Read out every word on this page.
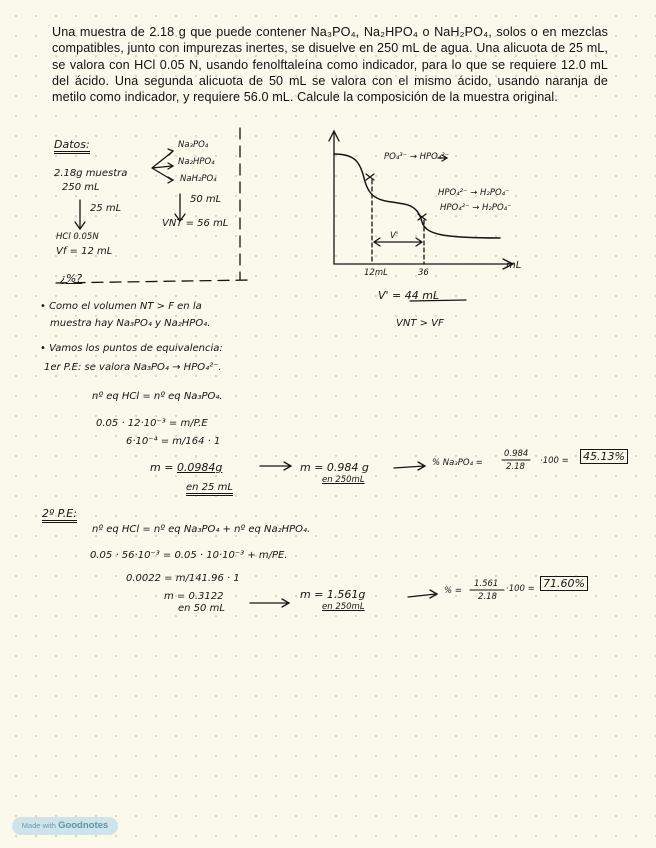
Una muestra de 2.18 g que puede contener Na₃PO₄, Na₂HPO₄ o NaH₂PO₄, solos o en mezclas compatibles, junto con impurezas inertes, se disuelve en 250 mL de agua. Una alicuota de 25 mL, se valora con HCl 0.05 N, usando fenolftaleína como indicador, para lo que se requiere 12.0 mL del ácido. Una segunda alicuota de 50 mL se valora con el mismo ácido, usando naranja de metilo como indicador, y requiere 56.0 mL. Calcule la composición de la muestra original.

Datos:
2.18g muestra
250 mL
Na₃PO₄
Na₂HPO₄
NaH₂PO₄
25 mL
50 mL
HCl 0.05N
Vf = 12 mL
VNT = 56 mL
¿%?
PO₄³⁻ → HPO₄²⁻
HPO₄²⁻ → H₂PO₄⁻
HPO₄²⁻ → H₂PO₄⁻
V'
12mL	36
mL
V' = 44 mL
VNT > VF
• Como el volumen NT > F en la
muestra hay Na₃PO₄ y Na₂HPO₄.
• Vamos los puntos de equivalencia:
1er P.E: se valora Na₃PO₄ → HPO₄²⁻.
nº eq HCl = nº eq Na₃PO₄.
0.05 · 12·10⁻³ = m/P.E
6·10⁻⁴ = m/164 · 1
m = 0.0984g
en 25 mL
m = 0.984 g
en 250mL
% Na₃PO₄ =
0.984
2.18
·100 = 45.13%
2º P.E:
nº eq HCl = nº eq Na₃PO₄ + nº eq Na₂HPO₄.
0.05 · 56·10⁻³ = 0.05 · 10·10⁻³ + m/PE.
0.0022 = m/141.96 · 1
m = 0.3122
en 50 mL
m = 1.561g
en 250mL
% =
1.561
2.18
·100 = 71.60%
Made with Goodnotes
